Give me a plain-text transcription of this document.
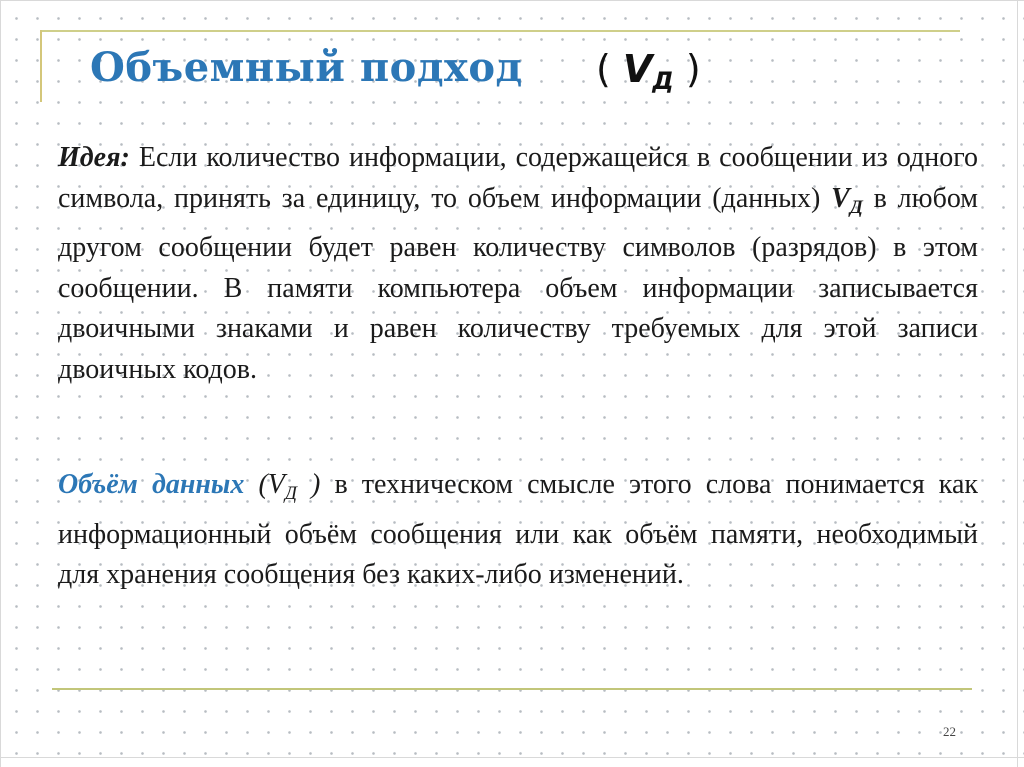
Объемный подход ( $V_Д$ )

Идея: Если количество информации, содержащейся в сообщении из одного символа, принять за единицу, то объем информации (данных) $V_Д$ в любом другом сообщении будет равен количеству символов (разрядов) в этом сообщении. В памяти компьютера объем информации записывается двоичными знаками и равен количеству требуемых для этой записи двоичных кодов.

Объём данных ($V_Д$ ) в техническом смысле этого слова понимается как информационный объём сообщения или как объём памяти, необходимый для хранения сообщения без каких-либо изменений.

22
